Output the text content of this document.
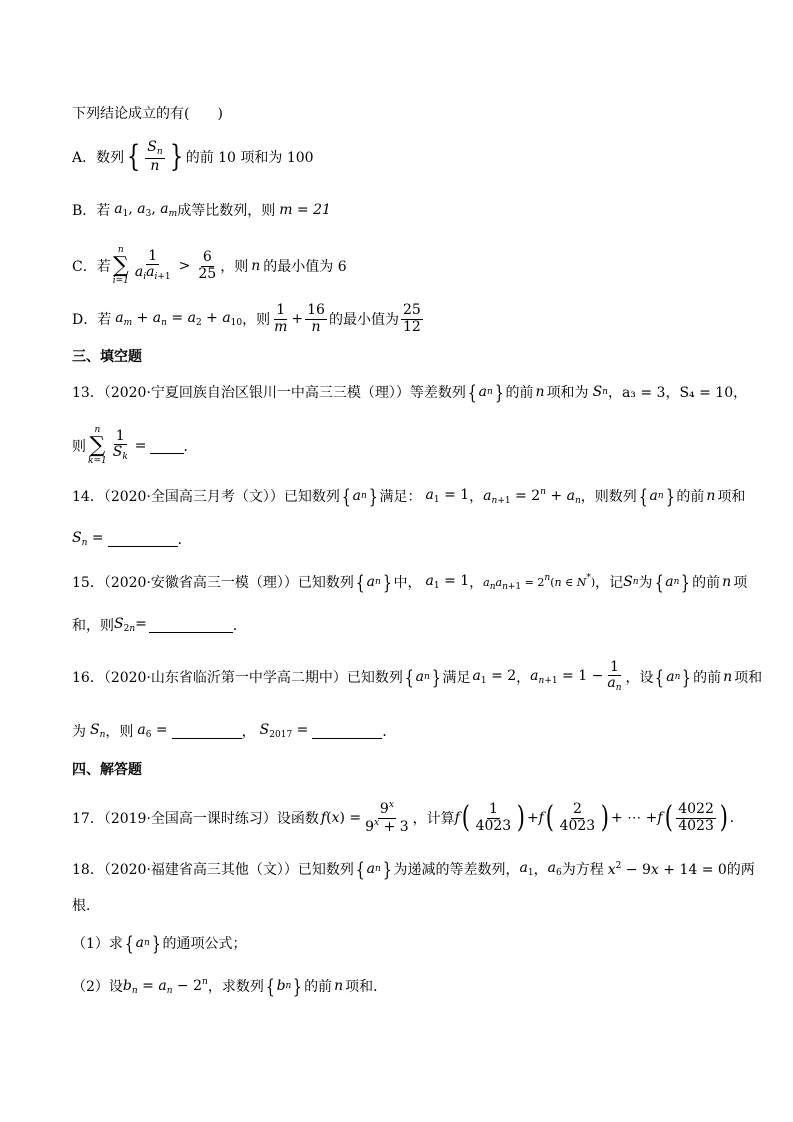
下列结论成立的有(　　)
A． 数列 { $\frac{S_n}{n}$ } 的前 10 项和为 100
B． 若 $a_1$, $a_3$, $a_m$ 成等比数列，则 m = 21
C． 若
n
∑
$i=1 \frac{1}{a_ia_{i+1}} > \frac{6}{25}$ ，则 n 的最小值为 6
D． 若 $a_m + a_n = a_2 + a_{10}$ ，则 $\frac{1}{m} + \frac{16}{n}$ 的最小值为 $\frac{25}{12}$
三、填空题
13．（2020·宁夏回族自治区银川一中高三三模（理））等差数列 { a n } 的前 n 项和为 S n ，a₃ = 3，S₄ = 10，
则
n
∑
$k=1 \frac{1}{S_k}$ =	．
14．（2020·全国高三月考（文））已知数列 { a n } 满足： $a_1 = 1$ ， $a_{n+1} = 2^n + a_n$ ，则数列 { a n } 的前 n 项和
$S_n$ =	．
15．（2020·安徽省高三一模（理））已知数列 { a n } 中， $a_1 = 1$ ， $a_na_{n+1} = 2^n(n$ ∈ N*) ，记 S n 为 { a n } 的前 n 项
和，则 $S_{2n}=$	．
16．（2020·山东省临沂第一中学高二期中）已知数列 { a n } 满足 $a_1 = 2$ ， $a_{n+1} = 1 - \frac{1}{a_n}$ ，设 { a n } 的前 n 项和
为 $S_n$ ，则 $a_6$ =	， $S_{2017}$ =	．
四、解答题
17．（2019·全国高一课时练习）设函数 $f(x) = \frac{9^x}{9^x + 3}$ ，计算 f ( $\frac{1}{4023}$ ) + f ( $\frac{2}{4023}$ ) + ⋯ + f ( $\frac{4022}{4023}$ ) .
18．（2020·福建省高三其他（文））已知数列 { a n } 为递减的等差数列， $a_1$ ， $a_6$ 为方程 $x^2 - 9x + 14 = 0$ 的两
根．
（1）求 { a n } 的通项公式；
（2）设 $b_n = a_n - 2^n$ ，求数列 { b n } 的前 n 项和．
